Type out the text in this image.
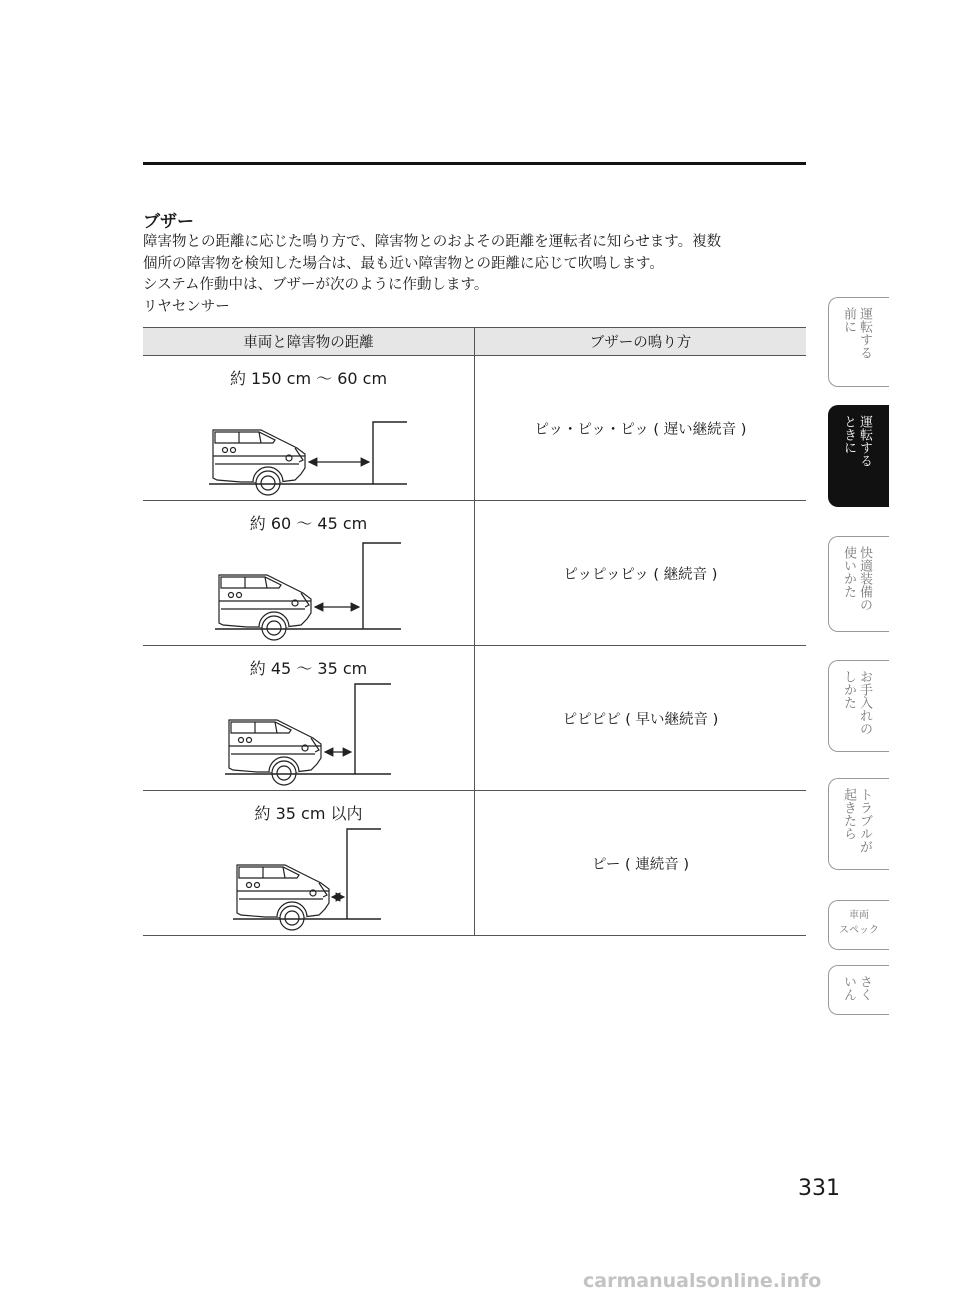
ブザー
障害物との距離に応じた鳴り方で、障害物とのおよその距離を運転者に知らせます。複数
個所の障害物を検知した場合は、最も近い障害物との距離に応じて吹鳴します。
システム作動中は、ブザーが次のように作動します。
リヤセンサー
車両と障害物の距離	ブザーの鳴り方

約 150 cm 〜 60 cm	ピッ・ピッ・ピッ ( 遅い継続音 )

約 60 〜 45 cm	ピッピッピッ ( 継続音 )

約 45 〜 35 cm	ピピピピ ( 早い継続音 )

約 35 cm 以内	ピー ( 連続音 )
運転する
前に
運転する
ときに
快適装備の
使いかた
お手入れの
しかた
トラブルが
起きたら
車両
スペック
さく
いん

331

carmanualsonline.info
